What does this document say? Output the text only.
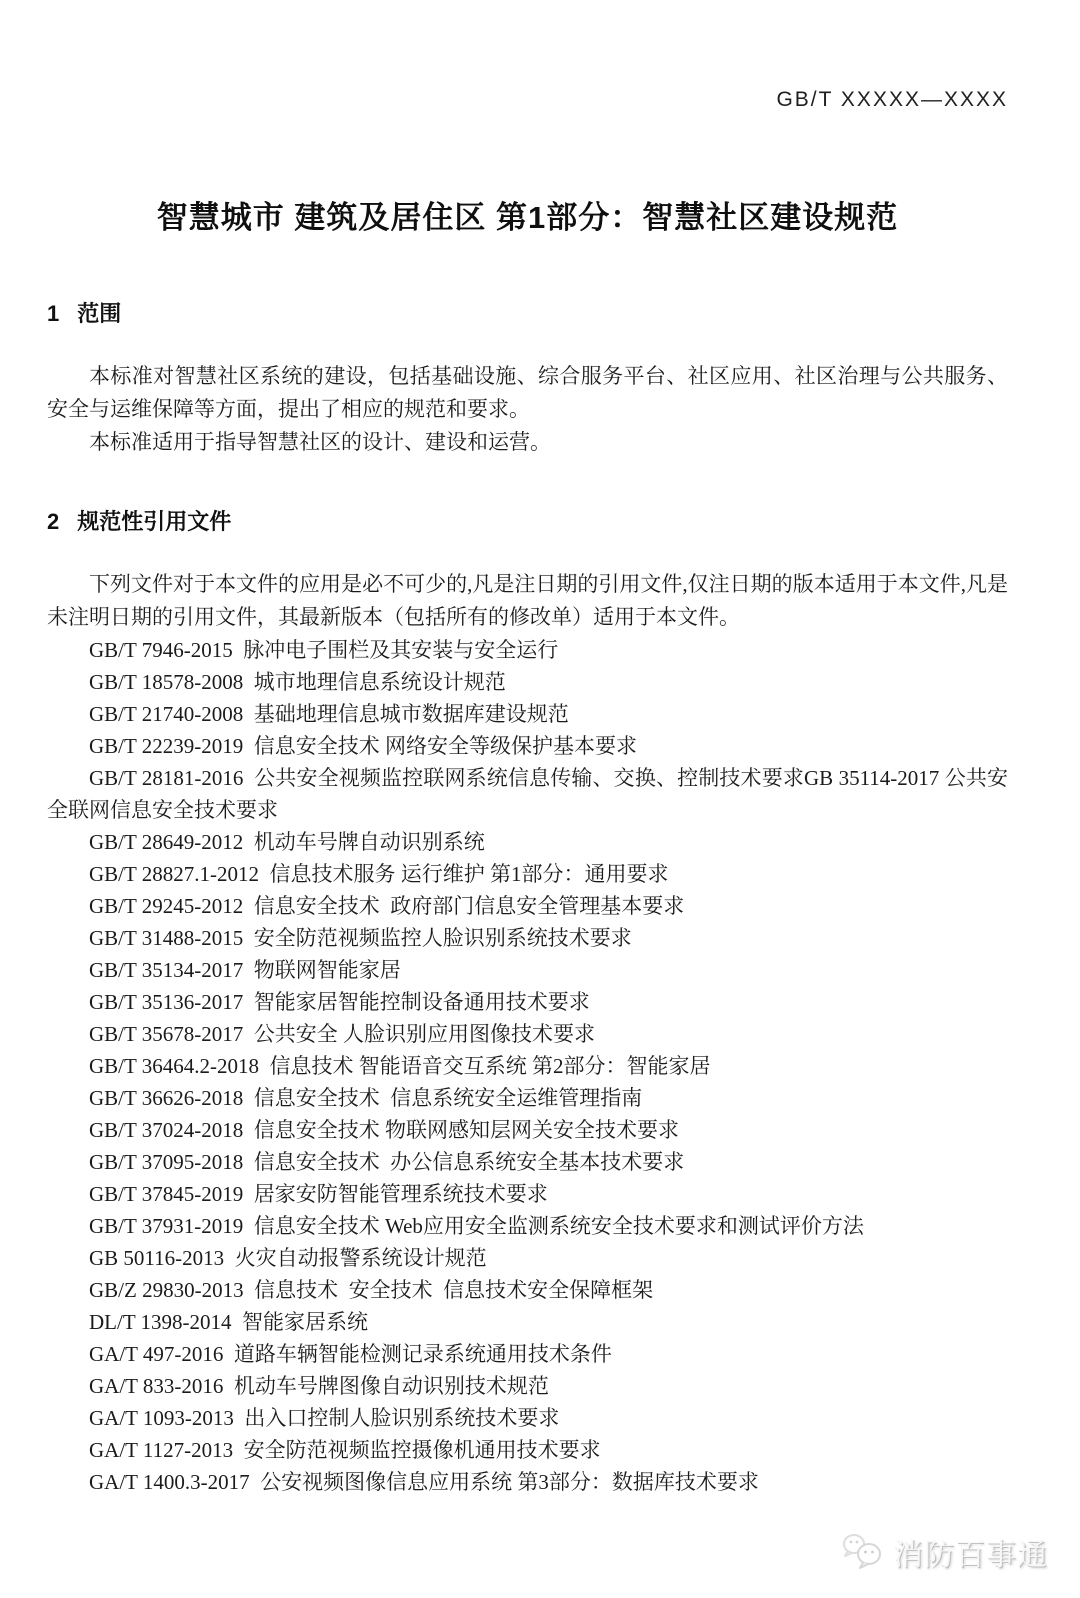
GB/T XXXXX—XXXX
智慧城市 建筑及居住区 第1部分：智慧社区建设规范
1 范围

本标准对智慧社区系统的建设，包括基础设施、综合服务平台、社区应用、社区治理与公共服务、安全与运维保障等方面，提出了相应的规范和要求。

本标准适用于指导智慧社区的设计、建设和运营。

2 规范性引用文件

下列文件对于本文件的应用是必不可少的,凡是注日期的引用文件,仅注日期的版本适用于本文件,凡是未注明日期的引用文件，其最新版本（包括所有的修改单）适用于本文件。

GB/T 7946-2015  脉冲电子围栏及其安装与安全运行

GB/T 18578-2008  城市地理信息系统设计规范

GB/T 21740-2008  基础地理信息城市数据库建设规范

GB/T 22239-2019  信息安全技术 网络安全等级保护基本要求

GB/T 28181-2016  公共安全视频监控联网系统信息传输、交换、控制技术要求GB 35114-2017 公共安全联网信息安全技术要求

GB/T 28649-2012  机动车号牌自动识别系统

GB/T 28827.1-2012  信息技术服务 运行维护 第1部分：通用要求

GB/T 29245-2012  信息安全技术  政府部门信息安全管理基本要求

GB/T 31488-2015  安全防范视频监控人脸识别系统技术要求

GB/T 35134-2017  物联网智能家居

GB/T 35136-2017  智能家居智能控制设备通用技术要求

GB/T 35678-2017  公共安全 人脸识别应用图像技术要求

GB/T 36464.2-2018  信息技术 智能语音交互系统 第2部分：智能家居

GB/T 36626-2018  信息安全技术  信息系统安全运维管理指南

GB/T 37024-2018  信息安全技术 物联网感知层网关安全技术要求

GB/T 37095-2018  信息安全技术  办公信息系统安全基本技术要求

GB/T 37845-2019  居家安防智能管理系统技术要求

GB/T 37931-2019  信息安全技术 Web应用安全监测系统安全技术要求和测试评价方法

GB 50116-2013  火灾自动报警系统设计规范

GB/Z 29830-2013  信息技术  安全技术  信息技术安全保障框架

DL/T 1398-2014  智能家居系统

GA/T 497-2016  道路车辆智能检测记录系统通用技术条件

GA/T 833-2016  机动车号牌图像自动识别技术规范

GA/T 1093-2013  出入口控制人脸识别系统技术要求

GA/T 1127-2013  安全防范视频监控摄像机通用技术要求

GA/T 1400.3-2017  公安视频图像信息应用系统 第3部分：数据库技术要求

消防百事通
